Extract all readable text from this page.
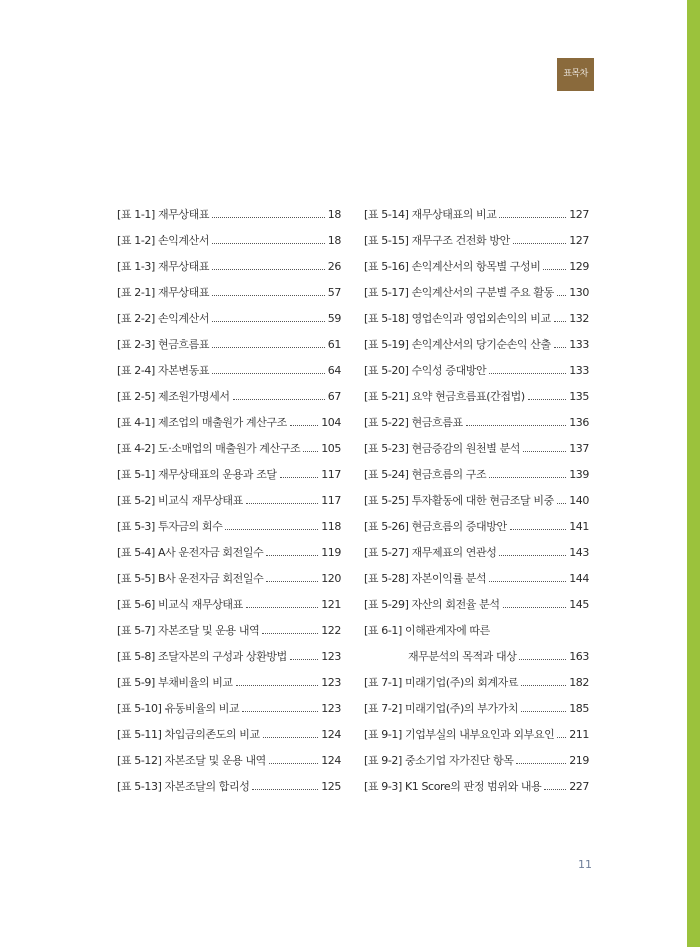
표목차
[표 1-1] 재무상태표	18
[표 1-2] 손익계산서	18
[표 1-3] 재무상태표	26
[표 2-1] 재무상태표	57
[표 2-2] 손익계산서	59
[표 2-3] 현금흐름표	61
[표 2-4] 자본변동표	64
[표 2-5] 제조원가명세서	67
[표 4-1] 제조업의 매출원가 계산구조	104
[표 4-2] 도·소매업의 매출원가 계산구조 105
[표 5-1] 재무상태표의 운용과 조달	117
[표 5-2] 비교식 재무상태표	117
[표 5-3] 투자금의 회수	118
[표 5-4] A사 운전자금 회전일수	119
[표 5-5] B사 운전자금 회전일수	120
[표 5-6] 비교식 재무상태표	121
[표 5-7] 자본조달 및 운용 내역	122
[표 5-8] 조달자본의 구성과 상환방법	123
[표 5-9] 부채비율의 비교	123
[표 5-10] 유동비율의 비교	123
[표 5-11] 차입금의존도의 비교	124
[표 5-12] 자본조달 및 운용 내역	124
[표 5-13] 자본조달의 합리성	125
[표 5-14] 재무상태표의 비교	127
[표 5-15] 재무구조 건전화 방안	127
[표 5-16] 손익계산서의 항목별 구성비	129
[표 5-17] 손익계산서의 구분별 주요 활동 130
[표 5-18] 영업손익과 영업외손익의 비교 132
[표 5-19] 손익계산서의 당기순손익 산출 133
[표 5-20] 수익성 증대방안	133
[표 5-21] 요약 현금흐름표(간접법)	135
[표 5-22] 현금흐름표	136
[표 5-23] 현금증감의 원천별 분석	137
[표 5-24] 현금흐름의 구조	139
[표 5-25] 투자활동에 대한 현금조달 비중 140
[표 5-26] 현금흐름의 증대방안	141
[표 5-27] 재무제표의 연관성	143
[표 5-28] 자본이익률 분석	144
[표 5-29] 자산의 회전율 분석	145
[표 6-1] 이해관계자에 따른
재무분석의 목적과 대상	163
[표 7-1] 미래기업(주)의 회계자료	182
[표 7-2] 미래기업(주)의 부가가치	185
[표 9-1] 기업부실의 내부요인과 외부요인 211
[표 9-2] 중소기업 자가진단 항목	219
[표 9-3] K1 Score의 판정 범위와 내용	227
11
